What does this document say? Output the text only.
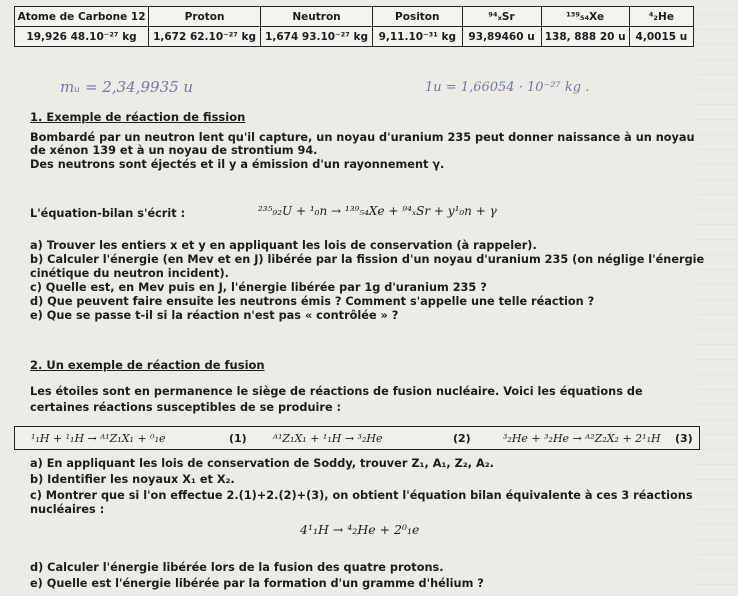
Atome de Carbone 12	Proton	Neutron	Positon	⁹⁴ₓSr	¹³⁹₅₄Xe	⁴₂He
19,926 48.10⁻²⁷ kg	1,672 62.10⁻²⁷ kg	1,674 93.10⁻²⁷ kg	9,11.10⁻³¹ kg	93,89460 u	138, 888 20 u	4,0015 u
mᵤ = 2,34,9935 u	1u = 1,66054 · 10⁻²⁷ kg .
1. Exemple de réaction de fission
Bombardé par un neutron lent qu'il capture, un noyau d'uranium 235 peut donner naissance à un noyau
de xénon 139 et à un noyau de strontium 94.
Des neutrons sont éjectés et il y a émission d'un rayonnement γ.
L'équation-bilan s'écrit :	²³⁵₉₂U + ¹₀n → ¹³⁹₅₄Xe + ⁹⁴ₓSr + y¹₀n + γ
a) Trouver les entiers x et y en appliquant les lois de conservation (à rappeler).
b) Calculer l'énergie (en Mev et en J) libérée par la fission d'un noyau d'uranium 235 (on néglige l'énergie
cinétique du neutron incident).
c) Quelle est, en Mev puis en J, l'énergie libérée par 1g d'uranium 235 ?
d) Que peuvent faire ensuite les neutrons émis ? Comment s'appelle une telle réaction ?
e) Que se passe t-il si la réaction n'est pas « contrôlée » ?
2. Un exemple de réaction de fusion
Les étoiles sont en permanence le siège de réactions de fusion nucléaire. Voici les équations de
certaines réactions susceptibles de se produire :
¹₁H + ¹₁H → ᴬ¹Z₁X₁ + ⁰₁e	(1) ᴬ¹Z₁X₁ + ¹₁H → ³₂He	(2)	³₂He + ³₂He → ᴬ²Z₂X₂ + 2¹₁H (3)
a) En appliquant les lois de conservation de Soddy, trouver Z₁, A₁, Z₂, A₂.
b) Identifier les noyaux X₁ et X₂.
c) Montrer que si l'on effectue 2.(1)+2.(2)+(3), on obtient l'équation bilan équivalente à ces 3 réactions
nucléaires :
4¹₁H → ⁴₂He + 2⁰₁e
d) Calculer l'énergie libérée lors de la fusion des quatre protons.
e) Quelle est l'énergie libérée par la formation d'un gramme d'hélium ?
